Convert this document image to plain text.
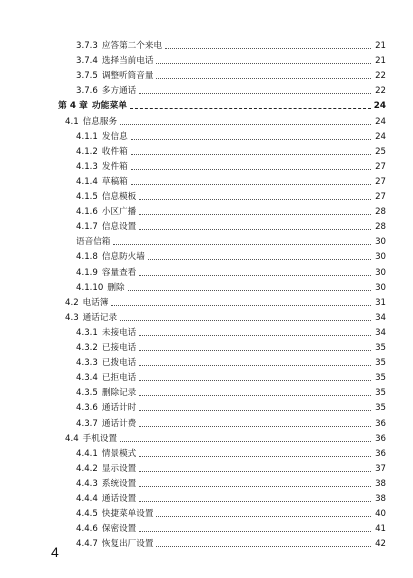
3.7.3 应答第二个来电	21
3.7.4 选择当前电话	21
3.7.5 调整听筒音量	22
3.7.6 多方通话	22
第 4 章 功能菜单	24
4.1 信息服务	24
4.1.1 发信息	24
4.1.2 收件箱	25
4.1.3 发件箱	27
4.1.4 草稿箱	27
4.1.5 信息模板	27
4.1.6 小区广播	28
4.1.7 信息设置	28
语音信箱	30
4.1.8 信息防火墙	30
4.1.9 容量查看	30
4.1.10 删除	30
4.2 电话簿	31
4.3 通话记录	34
4.3.1 未接电话	34
4.3.2 已接电话	35
4.3.3 已拨电话	35
4.3.4 已拒电话	35
4.3.5 删除记录	35
4.3.6 通话计时	35
4.3.7 通话计费	36
4.4 手机设置	36
4.4.1 情景模式	36
4.4.2 显示设置	37
4.4.3 系统设置	38
4.4.4 通话设置	38
4.4.5 快捷菜单设置	40
4.4.6 保密设置	41
4.4.7 恢复出厂设置	42
4
